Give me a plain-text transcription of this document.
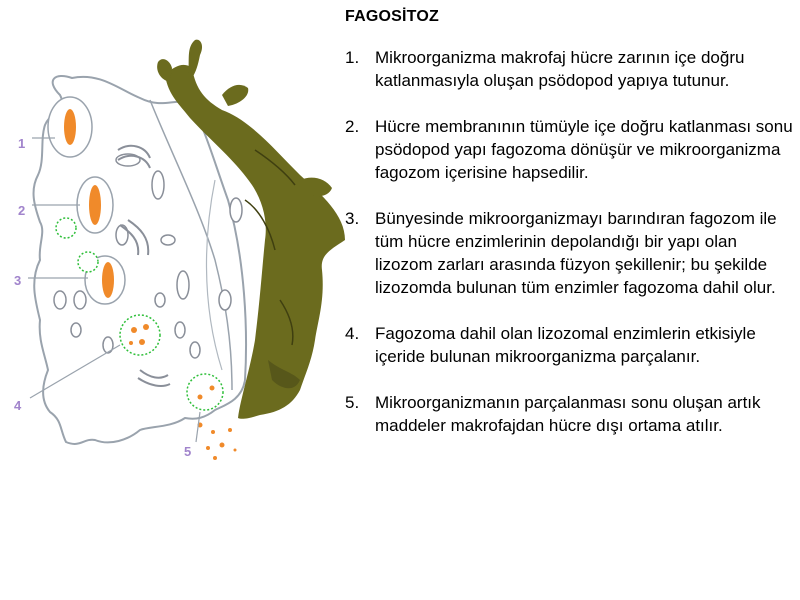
1
2
3
4
5
FAGOSİTOZ
1. Mikroorganizma makrofaj hücre zarının içe doğru katlanmasıyla oluşan psödopod yapıya tutunur.
2. Hücre membranının tümüyle içe doğru katlanması sonu psödopod yapı fagozoma dönüşür ve mikroorganizma fagozom içerisine hapsedilir.
3. Bünyesinde mikroorganizmayı barındıran fagozom ile tüm hücre enzimlerinin depolandığı bir yapı olan lizozom zarları arasında füzyon şekillenir; bu şekilde lizozomda bulunan tüm enzimler fagozoma dahil olur.
4. Fagozoma dahil olan lizozomal enzimlerin etkisiyle içeride bulunan mikroorganizma parçalanır.
5. Mikroorganizmanın parçalanması sonu oluşan artık maddeler makrofajdan hücre dışı ortama atılır.
